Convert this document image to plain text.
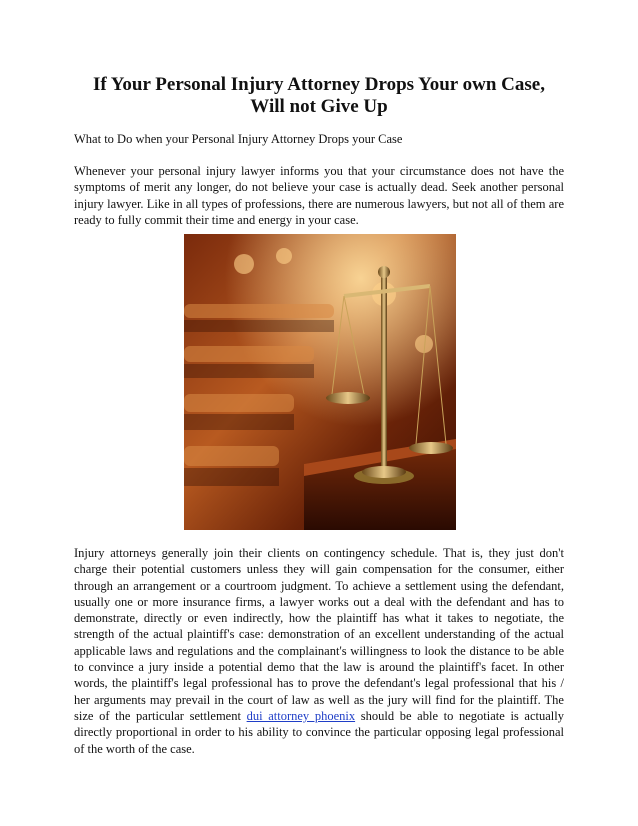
If Your Personal Injury Attorney Drops Your own Case,
Will not Give Up

What to Do when your Personal Injury Attorney Drops your Case

Whenever your personal injury lawyer informs you that your circumstance does not have the symptoms of merit any longer, do not believe your case is actually dead. Seek another personal injury lawyer. Like in all types of professions, there are numerous lawyers, but not all of them are ready to fully commit their time and energy in your case.

Injury attorneys generally join their clients on contingency schedule. That is, they just don't charge their potential customers unless they will gain compensation for the consumer, either through an arrangement or a courtroom judgment. To achieve a settlement using the defendant, usually one or more insurance firms, a lawyer works out a deal with the defendant and has to demonstrate, directly or even indirectly, how the plaintiff has what it takes to negotiate, the strength of the actual plaintiff's case: demonstration of an excellent understanding of the actual applicable laws and regulations and the complainant's willingness to look the distance to be able to convince a jury inside a potential demo that the law is around the plaintiff's facet. In other words, the plaintiff's legal professional has to prove the defendant's legal professional that his / her arguments may prevail in the court of law as well as the jury will find for the plaintiff. The size of the particular settlement dui attorney phoenix should be able to negotiate is actually directly proportional in order to his ability to convince the particular opposing legal professional of the worth of the case.
